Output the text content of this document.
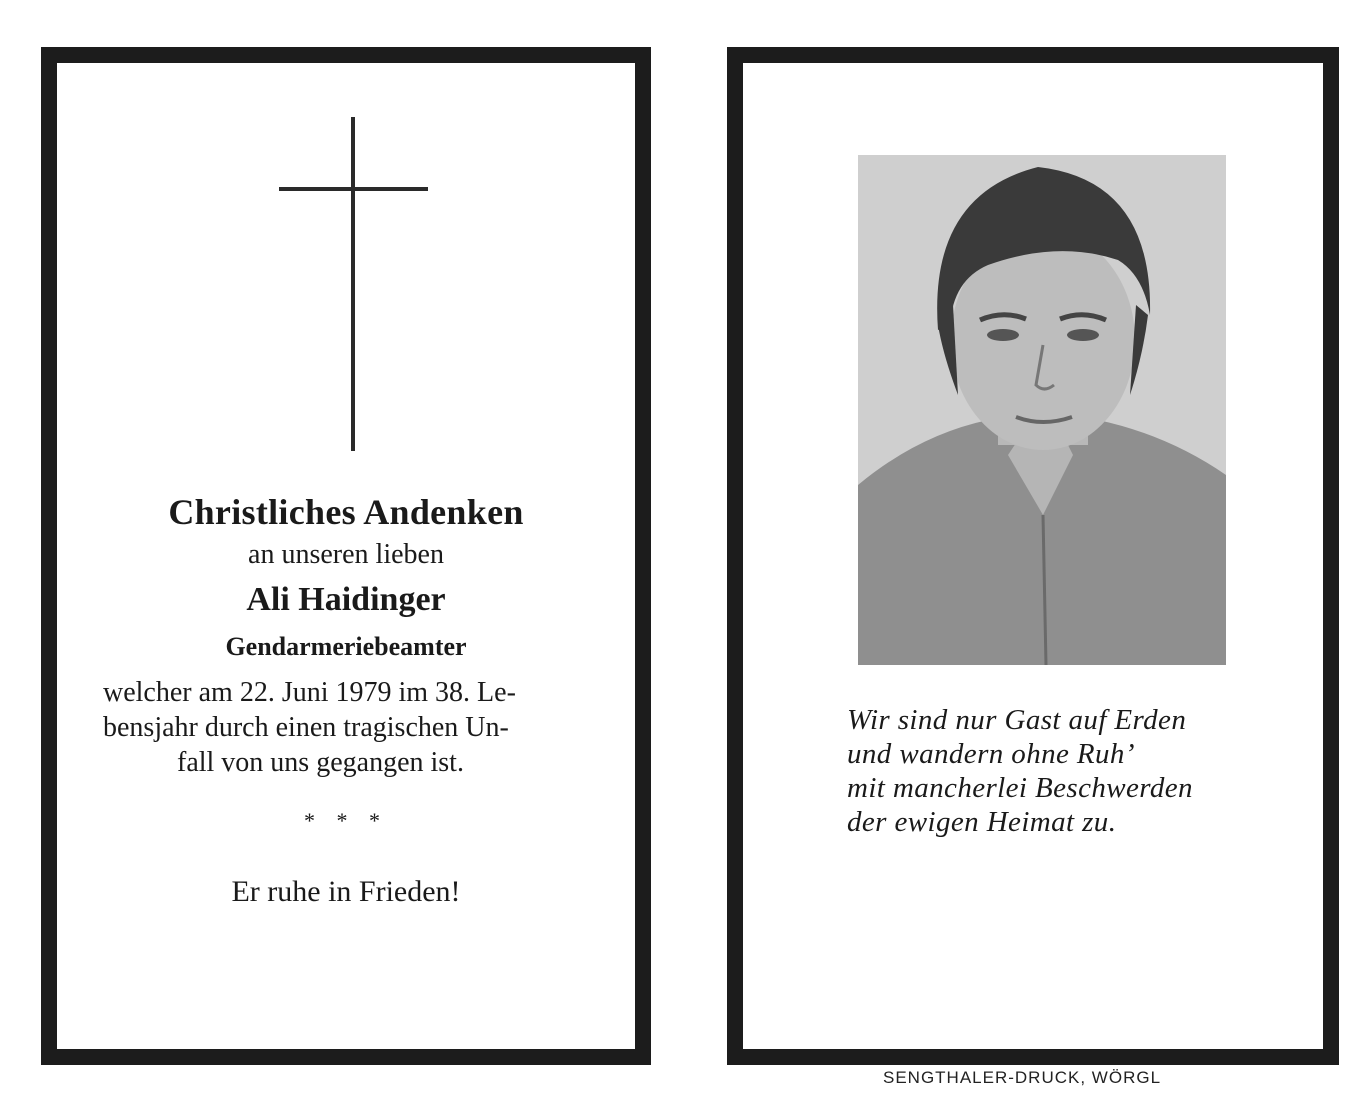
Christliches Andenken
an unseren lieben
Ali Haidinger
Gendarmeriebeamter
welcher am 22. Juni 1979 im 38. Le-
bensjahr durch einen tragischen Un-
fall von uns gegangen ist.
* * *
Er ruhe in Frieden!
Wir sind nur Gast auf Erden
und wandern ohne Ruh’
mit mancherlei Beschwerden
der ewigen Heimat zu.
SENGTHALER-DRUCK, WÖRGL
